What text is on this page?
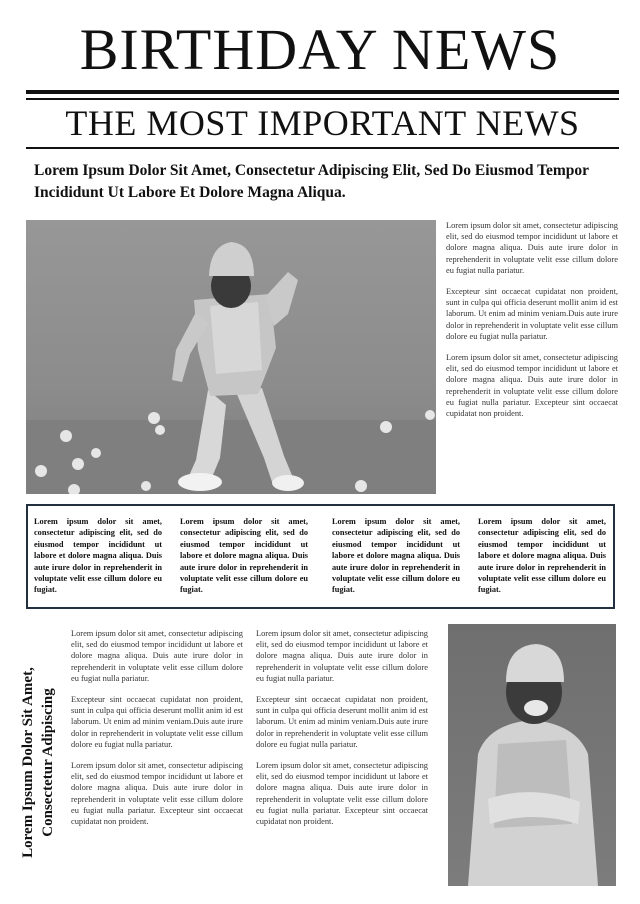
BIRTHDAY NEWS
THE MOST IMPORTANT NEWS
Lorem Ipsum Dolor Sit Amet, Consectetur Adipiscing Elit, Sed Do Eiusmod Tempor Incididunt Ut Labore Et Dolore Magna Aliqua.

Lorem ipsum dolor sit amet, consectetur adipiscing elit, sed do eiusmod tempor incididunt ut labore et dolore magna aliqua. Duis aute irure dolor in reprehenderit in voluptate velit esse cillum dolore eu fugiat nulla pariatur.

Excepteur sint occaecat cupidatat non proident, sunt in culpa qui officia deserunt mollit anim id est laborum. Ut enim ad minim veniam.Duis aute irure dolor in reprehenderit in voluptate velit esse cillum dolore eu fugiat nulla pariatur.

Lorem ipsum dolor sit amet, consectetur adipiscing elit, sed do eiusmod tempor incididunt ut labore et dolore magna aliqua. Duis aute irure dolor in reprehenderit in voluptate velit esse cillum dolore eu fugiat nulla pariatur. Excepteur sint occaecat cupidatat non proident.

Lorem ipsum dolor sit amet, consectetur adipiscing elit, sed do eiusmod tempor incididunt ut labore et dolore magna aliqua. Duis aute irure dolor in reprehenderit in voluptate velit esse cillum dolore eu fugiat.
Lorem ipsum dolor sit amet, consectetur adipiscing elit, sed do eiusmod tempor incididunt ut labore et dolore magna aliqua. Duis aute irure dolor in reprehenderit in voluptate velit esse cillum dolore eu fugiat.
Lorem ipsum dolor sit amet, consectetur adipiscing elit, sed do eiusmod tempor incididunt ut labore et dolore magna aliqua. Duis aute irure dolor in reprehenderit in voluptate velit esse cillum dolore eu fugiat.
Lorem ipsum dolor sit amet, consectetur adipiscing elit, sed do eiusmod tempor incididunt ut labore et dolore magna aliqua. Duis aute irure dolor in reprehenderit in voluptate velit esse cillum dolore eu fugiat.
Lorem Ipsum Dolor Sit Amet, Consectetur Adipiscing

Lorem ipsum dolor sit amet, consectetur adipiscing elit, sed do eiusmod tempor incididunt ut labore et dolore magna aliqua. Duis aute irure dolor in reprehenderit in voluptate velit esse cillum dolore eu fugiat nulla pariatur.

Excepteur sint occaecat cupidatat non proident, sunt in culpa qui officia deserunt mollit anim id est laborum. Ut enim ad minim veniam.Duis aute irure dolor in reprehenderit in voluptate velit esse cillum dolore eu fugiat nulla pariatur.

Lorem ipsum dolor sit amet, consectetur adipiscing elit, sed do eiusmod tempor incididunt ut labore et dolore magna aliqua. Duis aute irure dolor in reprehenderit in voluptate velit esse cillum dolore eu fugiat nulla pariatur. Excepteur sint occaecat cupidatat non proident.

Lorem ipsum dolor sit amet, consectetur adipiscing elit, sed do eiusmod tempor incididunt ut labore et dolore magna aliqua. Duis aute irure dolor in reprehenderit in voluptate velit esse cillum dolore eu fugiat nulla pariatur.

Excepteur sint occaecat cupidatat non proident, sunt in culpa qui officia deserunt mollit anim id est laborum. Ut enim ad minim veniam.Duis aute irure dolor in reprehenderit in voluptate velit esse cillum dolore eu fugiat nulla pariatur.

Lorem ipsum dolor sit amet, consectetur adipiscing elit, sed do eiusmod tempor incididunt ut labore et dolore magna aliqua. Duis aute irure dolor in reprehenderit in voluptate velit esse cillum dolore eu fugiat nulla pariatur. Excepteur sint occaecat cupidatat non proident.
